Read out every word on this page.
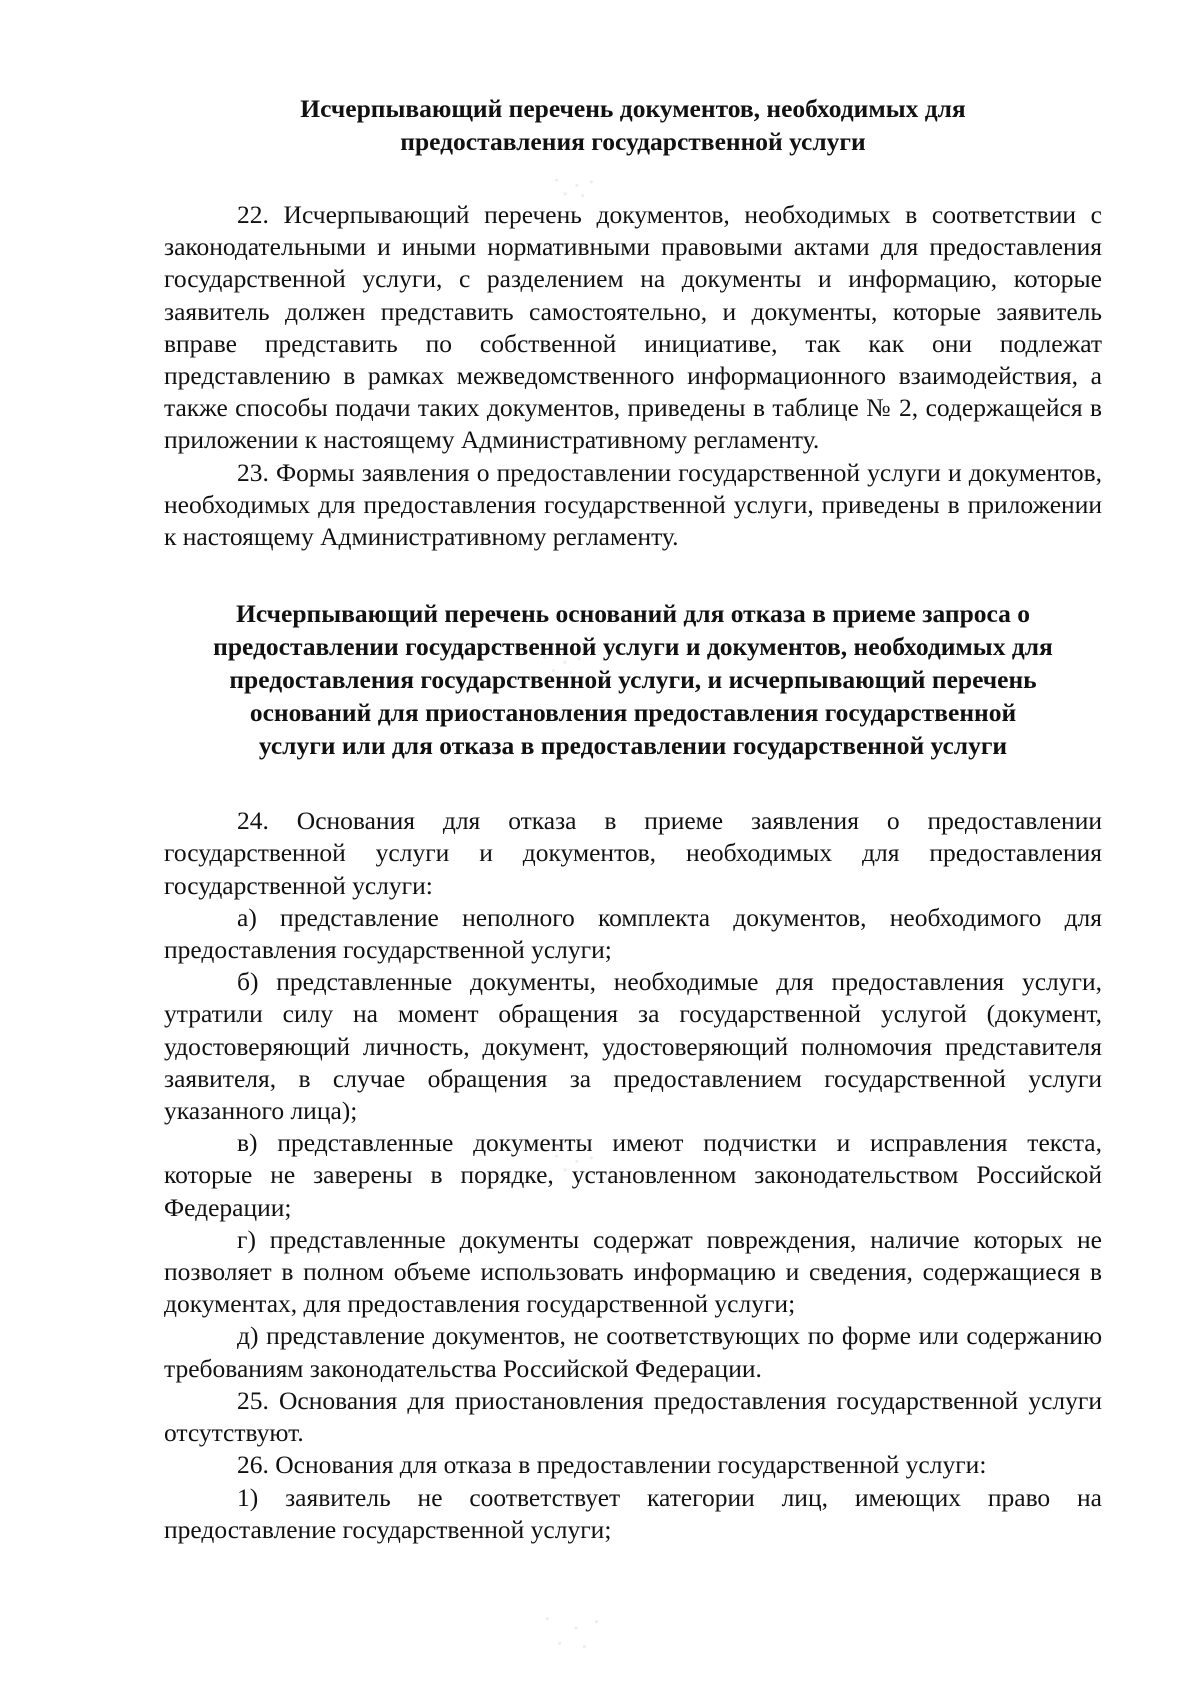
Исчерпывающий перечень документов, необходимых для
предоставления государственной услуги

22. Исчерпывающий перечень документов, необходимых в соответствии с законодательными и иными нормативными правовыми актами для предоставления государственной услуги, с разделением на документы и информацию, которые заявитель должен представить самостоятельно, и документы, которые заявитель вправе представить по собственной инициативе, так как они подлежат представлению в рамках межведомственного информационного взаимодействия, а также способы подачи таких документов, приведены в таблице № 2, содержащейся в приложении к настоящему Административному регламенту.

23. Формы заявления о предоставлении государственной услуги и документов, необходимых для предоставления государственной услуги, приведены в приложении к настоящему Административному регламенту.

Исчерпывающий перечень оснований для отказа в приеме запроса о
предоставлении государственной услуги и документов, необходимых для
предоставления государственной услуги, и исчерпывающий перечень
оснований для приостановления предоставления государственной
услуги или для отказа в предоставлении государственной услуги

24. Основания для отказа в приеме заявления о предоставлении государственной услуги и документов, необходимых для предоставления государственной услуги:

а) представление неполного комплекта документов, необходимого для предоставления государственной услуги;

б) представленные документы, необходимые для предоставления услуги, утратили силу на момент обращения за государственной услугой (документ, удостоверяющий личность, документ, удостоверяющий полномочия представителя заявителя, в случае обращения за предоставлением государственной услуги указанного лица);

в) представленные документы имеют подчистки и исправления текста, которые не заверены в порядке, установленном законодательством Российской Федерации;

г) представленные документы содержат повреждения, наличие которых не позволяет в полном объеме использовать информацию и сведения, содержащиеся в документах, для предоставления государственной услуги;

д) представление документов, не соответствующих по форме или содержанию требованиям законодательства Российской Федерации.

25. Основания для приостановления предоставления государственной услуги отсутствуют.

26. Основания для отказа в предоставлении государственной услуги:

1) заявитель не соответствует категории лиц, имеющих право на предоставление государственной услуги;
